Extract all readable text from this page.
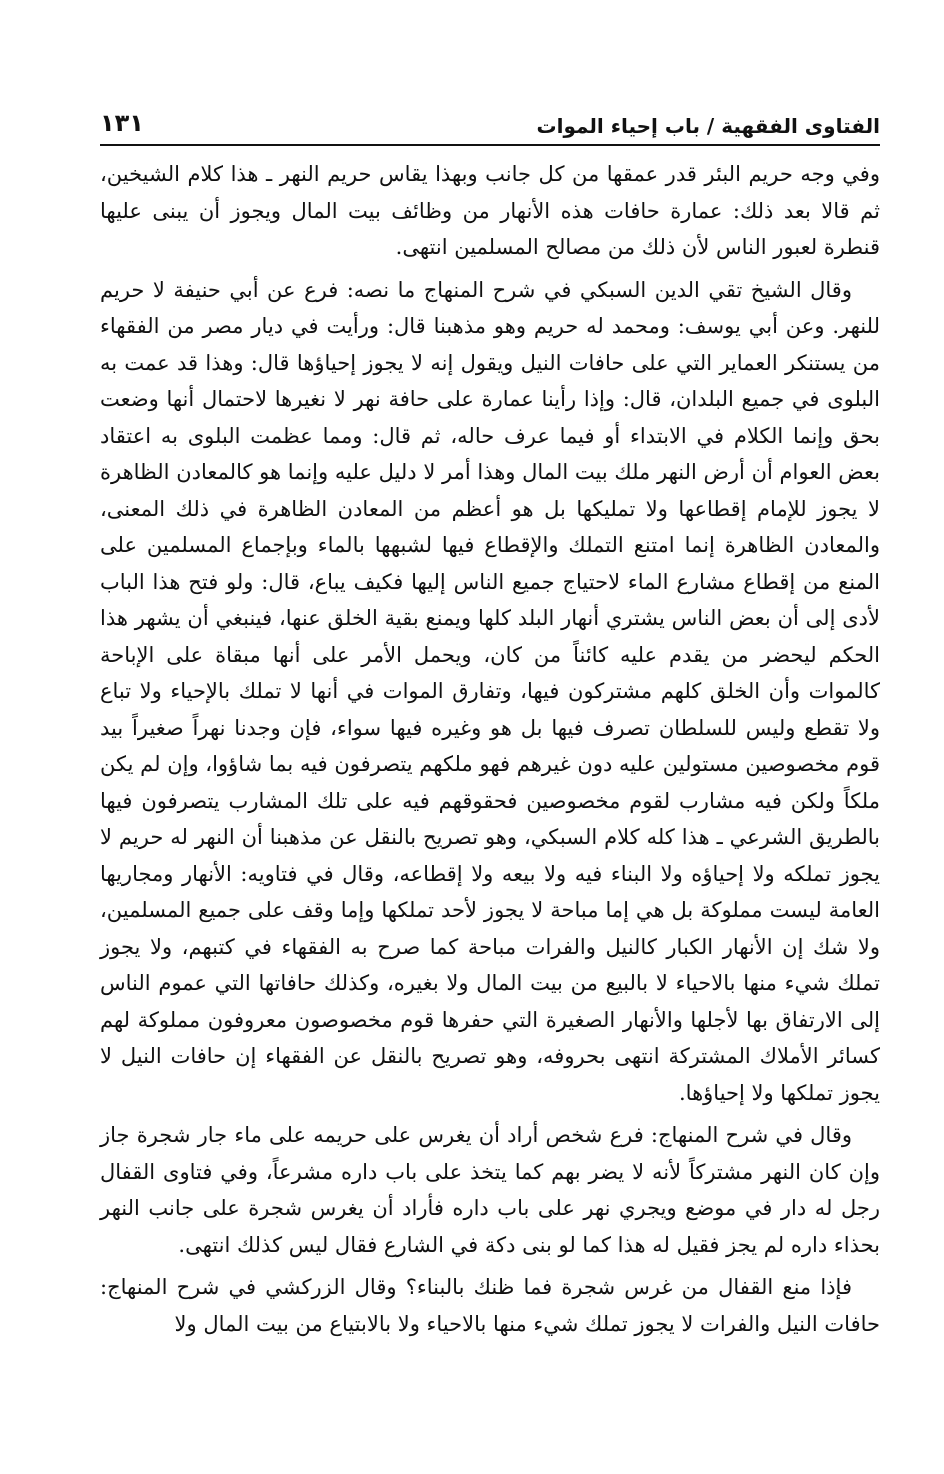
الفتاوى الفقهية / باب إحياء الموات
١٣١

وفي وجه حريم البئر قدر عمقها من كل جانب وبهذا يقاس حريم النهر ـ هذا كلام الشيخين، ثم قالا بعد ذلك: عمارة حافات هذه الأنهار من وظائف بيت المال ويجوز أن يبنى عليها قنطرة لعبور الناس لأن ذلك من مصالح المسلمين انتهى.

وقال الشيخ تقي الدين السبكي في شرح المنهاج ما نصه: فرع عن أبي حنيفة لا حريم للنهر. وعن أبي يوسف: ومحمد له حريم وهو مذهبنا قال: ورأيت في ديار مصر من الفقهاء من يستنكر العماير التي على حافات النيل ويقول إنه لا يجوز إحياؤها قال: وهذا قد عمت به البلوى في جميع البلدان، قال: وإذا رأينا عمارة على حافة نهر لا نغيرها لاحتمال أنها وضعت بحق وإنما الكلام في الابتداء أو فيما عرف حاله، ثم قال: ومما عظمت البلوى به اعتقاد بعض العوام أن أرض النهر ملك بيت المال وهذا أمر لا دليل عليه وإنما هو كالمعادن الظاهرة لا يجوز للإمام إقطاعها ولا تمليكها بل هو أعظم من المعادن الظاهرة في ذلك المعنى، والمعادن الظاهرة إنما امتنع التملك والإقطاع فيها لشبهها بالماء وبإجماع المسلمين على المنع من إقطاع مشارع الماء لاحتياج جميع الناس إليها فكيف يباع، قال: ولو فتح هذا الباب لأدى إلى أن بعض الناس يشتري أنهار البلد كلها ويمنع بقية الخلق عنها، فينبغي أن يشهر هذا الحكم ليحضر من يقدم عليه كائناً من كان، ويحمل الأمر على أنها مبقاة على الإباحة كالموات وأن الخلق كلهم مشتركون فيها، وتفارق الموات في أنها لا تملك بالإحياء ولا تباع ولا تقطع وليس للسلطان تصرف فيها بل هو وغيره فيها سواء، فإن وجدنا نهراً صغيراً بيد قوم مخصوصين مستولين عليه دون غيرهم فهو ملكهم يتصرفون فيه بما شاؤوا، وإن لم يكن ملكاً ولكن فيه مشارب لقوم مخصوصين فحقوقهم فيه على تلك المشارب يتصرفون فيها بالطريق الشرعي ـ هذا كله كلام السبكي، وهو تصريح بالنقل عن مذهبنا أن النهر له حريم لا يجوز تملكه ولا إحياؤه ولا البناء فيه ولا بيعه ولا إقطاعه، وقال في فتاويه: الأنهار ومجاريها العامة ليست مملوكة بل هي إما مباحة لا يجوز لأحد تملكها وإما وقف على جميع المسلمين، ولا شك إن الأنهار الكبار كالنيل والفرات مباحة كما صرح به الفقهاء في كتبهم، ولا يجوز تملك شيء منها بالاحياء لا بالبيع من بيت المال ولا بغيره، وكذلك حافاتها التي عموم الناس إلى الارتفاق بها لأجلها والأنهار الصغيرة التي حفرها قوم مخصوصون معروفون مملوكة لهم كسائر الأملاك المشتركة انتهى بحروفه، وهو تصريح بالنقل عن الفقهاء إن حافات النيل لا يجوز تملكها ولا إحياؤها.

وقال في شرح المنهاج: فرع شخص أراد أن يغرس على حريمه على ماء جار شجرة جاز وإن كان النهر مشتركاً لأنه لا يضر بهم كما يتخذ على باب داره مشرعاً، وفي فتاوى القفال رجل له دار في موضع ويجري نهر على باب داره فأراد أن يغرس شجرة على جانب النهر بحذاء داره لم يجز فقيل له هذا كما لو بنى دكة في الشارع فقال ليس كذلك انتهى.

فإذا منع القفال من غرس شجرة فما ظنك بالبناء؟ وقال الزركشي في شرح المنهاج: حافات النيل والفرات لا يجوز تملك شيء منها بالاحياء ولا بالابتياع من بيت المال ولا
